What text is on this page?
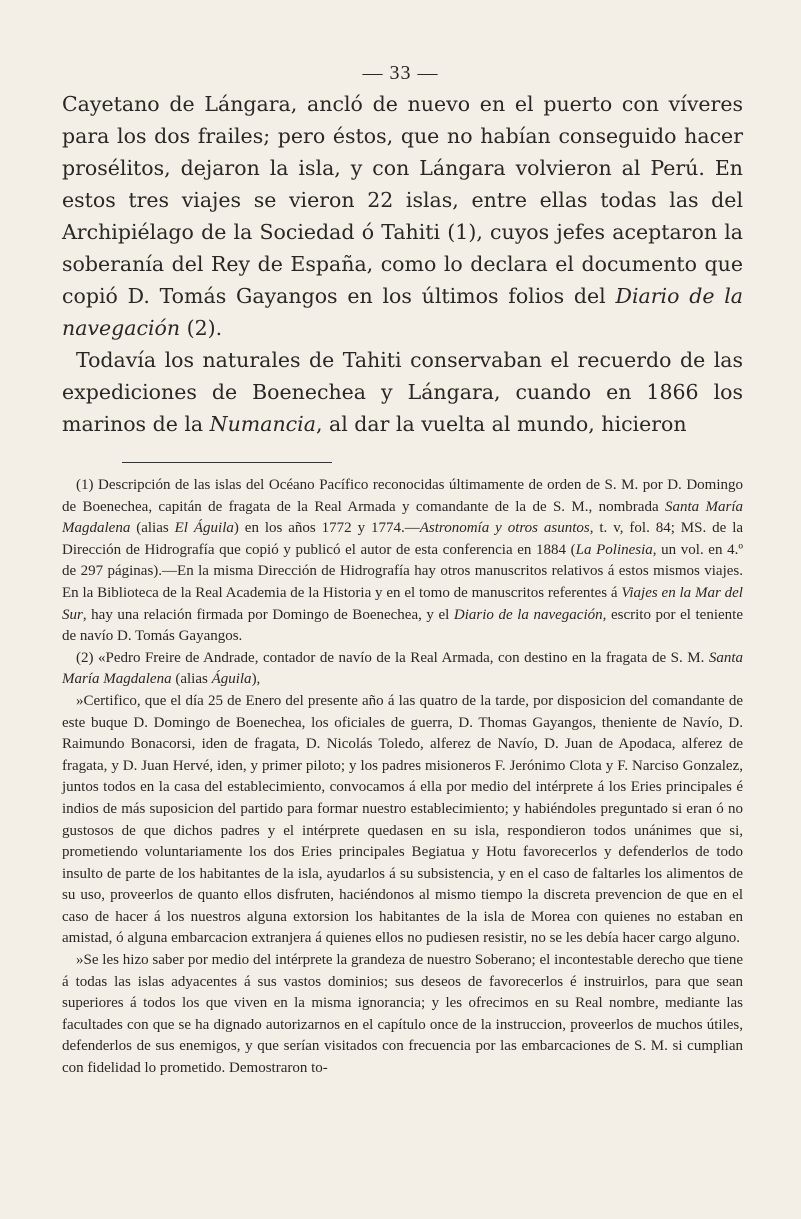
— 33 —

Cayetano de Lángara, ancló de nuevo en el puerto con víveres para los dos frailes; pero éstos, que no habían conseguido hacer prosélitos, dejaron la isla, y con Lángara volvieron al Perú. En estos tres viajes se vieron 22 islas, entre ellas todas las del Archipiélago de la Sociedad ó Tahiti (1), cuyos jefes aceptaron la soberanía del Rey de España, como lo declara el documento que copió D. Tomás Gayangos en los últimos folios del Diario de la navegación (2).

Todavía los naturales de Tahiti conservaban el recuerdo de las expediciones de Boenechea y Lángara, cuando en 1866 los marinos de la Numancia, al dar la vuelta al mundo, hicieron

(1) Descripción de las islas del Océano Pacífico reconocidas últimamente de orden de S. M. por D. Domingo de Boenechea, capitán de fragata de la Real Armada y comandante de la de S. M., nombrada Santa María Magdalena (alias El Águila) en los años 1772 y 1774.—Astronomía y otros asuntos, t. v, fol. 84; MS. de la Dirección de Hidrografía que copió y publicó el autor de esta conferencia en 1884 (La Polinesia, un vol. en 4.º de 297 páginas).—En la misma Dirección de Hidrografía hay otros manuscritos relativos á estos mismos viajes. En la Biblioteca de la Real Academia de la Historia y en el tomo de manuscritos referentes á Viajes en la Mar del Sur, hay una relación firmada por Domingo de Boenechea, y el Diario de la navegación, escrito por el teniente de navío D. Tomás Gayangos.

(2) «Pedro Freire de Andrade, contador de navío de la Real Armada, con destino en la fragata de S. M. Santa María Magdalena (alias Águila),

»Certifico, que el día 25 de Enero del presente año á las quatro de la tarde, por disposicion del comandante de este buque D. Domingo de Boenechea, los oficiales de guerra, D. Thomas Gayangos, theniente de Navío, D. Raimundo Bonacorsi, iden de fragata, D. Nicolás Toledo, alferez de Navío, D. Juan de Apodaca, alferez de fragata, y D. Juan Hervé, iden, y primer piloto; y los padres misioneros F. Jerónimo Clota y F. Narciso Gonzalez, juntos todos en la casa del establecimiento, convocamos á ella por medio del intérprete á los Eries principales é indios de más suposicion del partido para formar nuestro establecimiento; y habiéndoles preguntado si eran ó no gustosos de que dichos padres y el intérprete quedasen en su isla, respondieron todos unánimes que si, prometiendo voluntariamente los dos Eries principales Begiatua y Hotu favorecerlos y defenderlos de todo insulto de parte de los habitantes de la isla, ayudarlos á su subsistencia, y en el caso de faltarles los alimentos de su uso, proveerlos de quanto ellos disfruten, haciéndonos al mismo tiempo la discreta prevencion de que en el caso de hacer á los nuestros alguna extorsion los habitantes de la isla de Morea con quienes no estaban en amistad, ó alguna embarcacion extranjera á quienes ellos no pudiesen resistir, no se les debía hacer cargo alguno.

»Se les hizo saber por medio del intérprete la grandeza de nuestro Soberano; el incontestable derecho que tiene á todas las islas adyacentes á sus vastos dominios; sus deseos de favorecerlos é instruirlos, para que sean superiores á todos los que viven en la misma ignorancia; y les ofrecimos en su Real nombre, mediante las facultades con que se ha dignado autorizarnos en el capítulo once de la instruccion, proveerlos de muchos útiles, defenderlos de sus enemigos, y que serían visitados con frecuencia por las embarcaciones de S. M. si cumplian con fidelidad lo prometido. Demostraron to-
